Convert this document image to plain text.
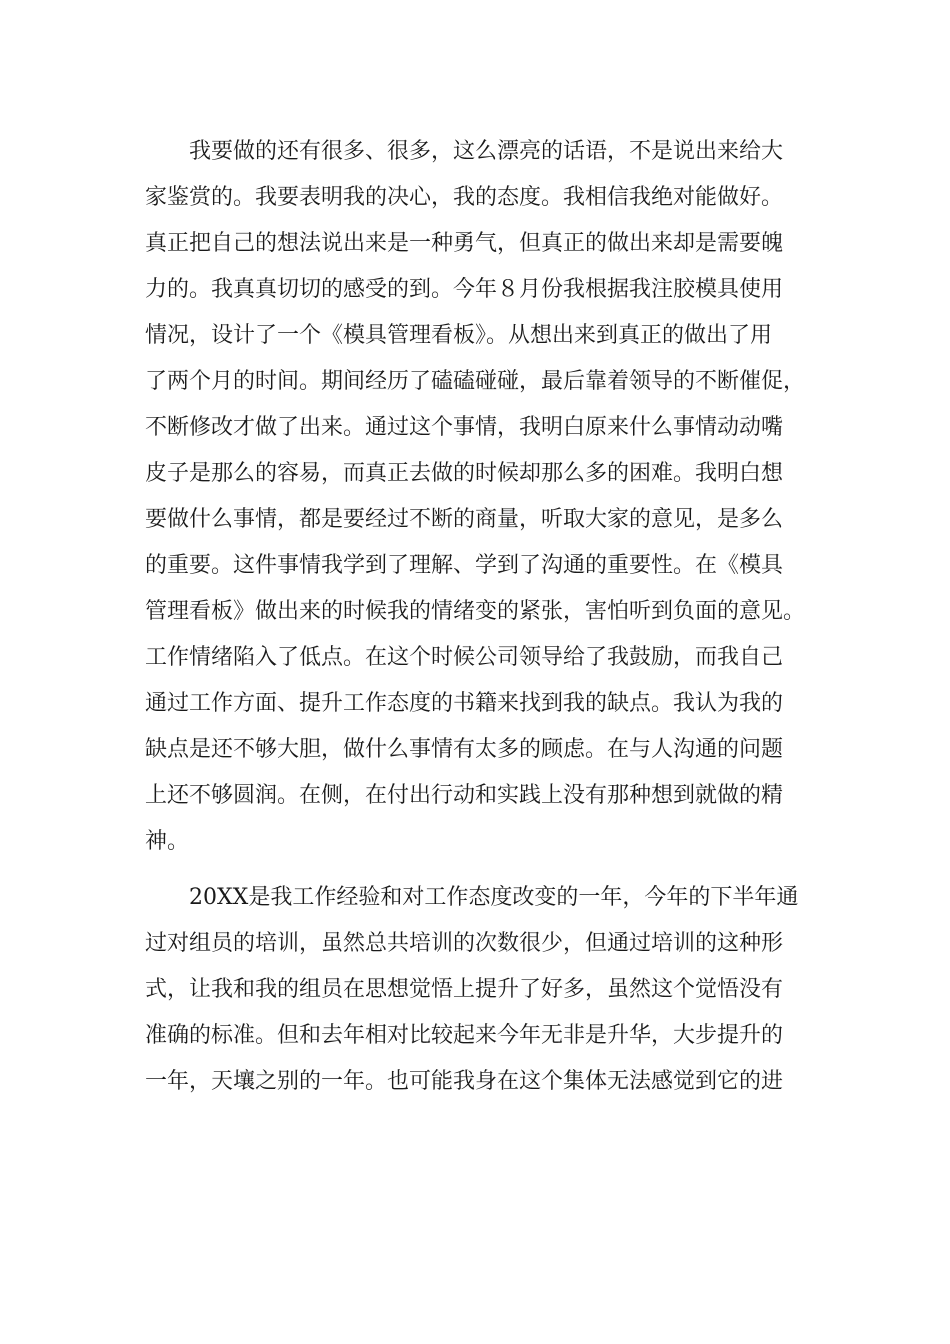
我要做的还有很多、很多，这么漂亮的话语，不是说出来给大
家鉴赏的。我要表明我的决心，我的态度。我相信我绝对能做好。
真正把自己的想法说出来是一种勇气，但真正的做出来却是需要魄
力的。我真真切切的感受的到。今年８月份我根据我注胶模具使用
情况，设计了一个《模具管理看板》。从想出来到真正的做出了用
了两个月的时间。期间经历了磕磕碰碰，最后靠着领导的不断催促，
不断修改才做了出来。通过这个事情，我明白原来什么事情动动嘴
皮子是那么的容易，而真正去做的时候却那么多的困难。我明白想
要做什么事情，都是要经过不断的商量，听取大家的意见，是多么
的重要。这件事情我学到了理解、学到了沟通的重要性。在《模具
管理看板》做出来的时候我的情绪变的紧张，害怕听到负面的意见。
工作情绪陷入了低点。在这个时候公司领导给了我鼓励，而我自己
通过工作方面、提升工作态度的书籍来找到我的缺点。我认为我的
缺点是还不够大胆，做什么事情有太多的顾虑。在与人沟通的问题
上还不够圆润。在侧，在付出行动和实践上没有那种想到就做的精
神。
20XX是我工作经验和对工作态度改变的一年，今年的下半年通
过对组员的培训，虽然总共培训的次数很少，但通过培训的这种形
式，让我和我的组员在思想觉悟上提升了好多，虽然这个觉悟没有
准确的标准。但和去年相对比较起来今年无非是升华，大步提升的
一年，天壤之别的一年。也可能我身在这个集体无法感觉到它的进
